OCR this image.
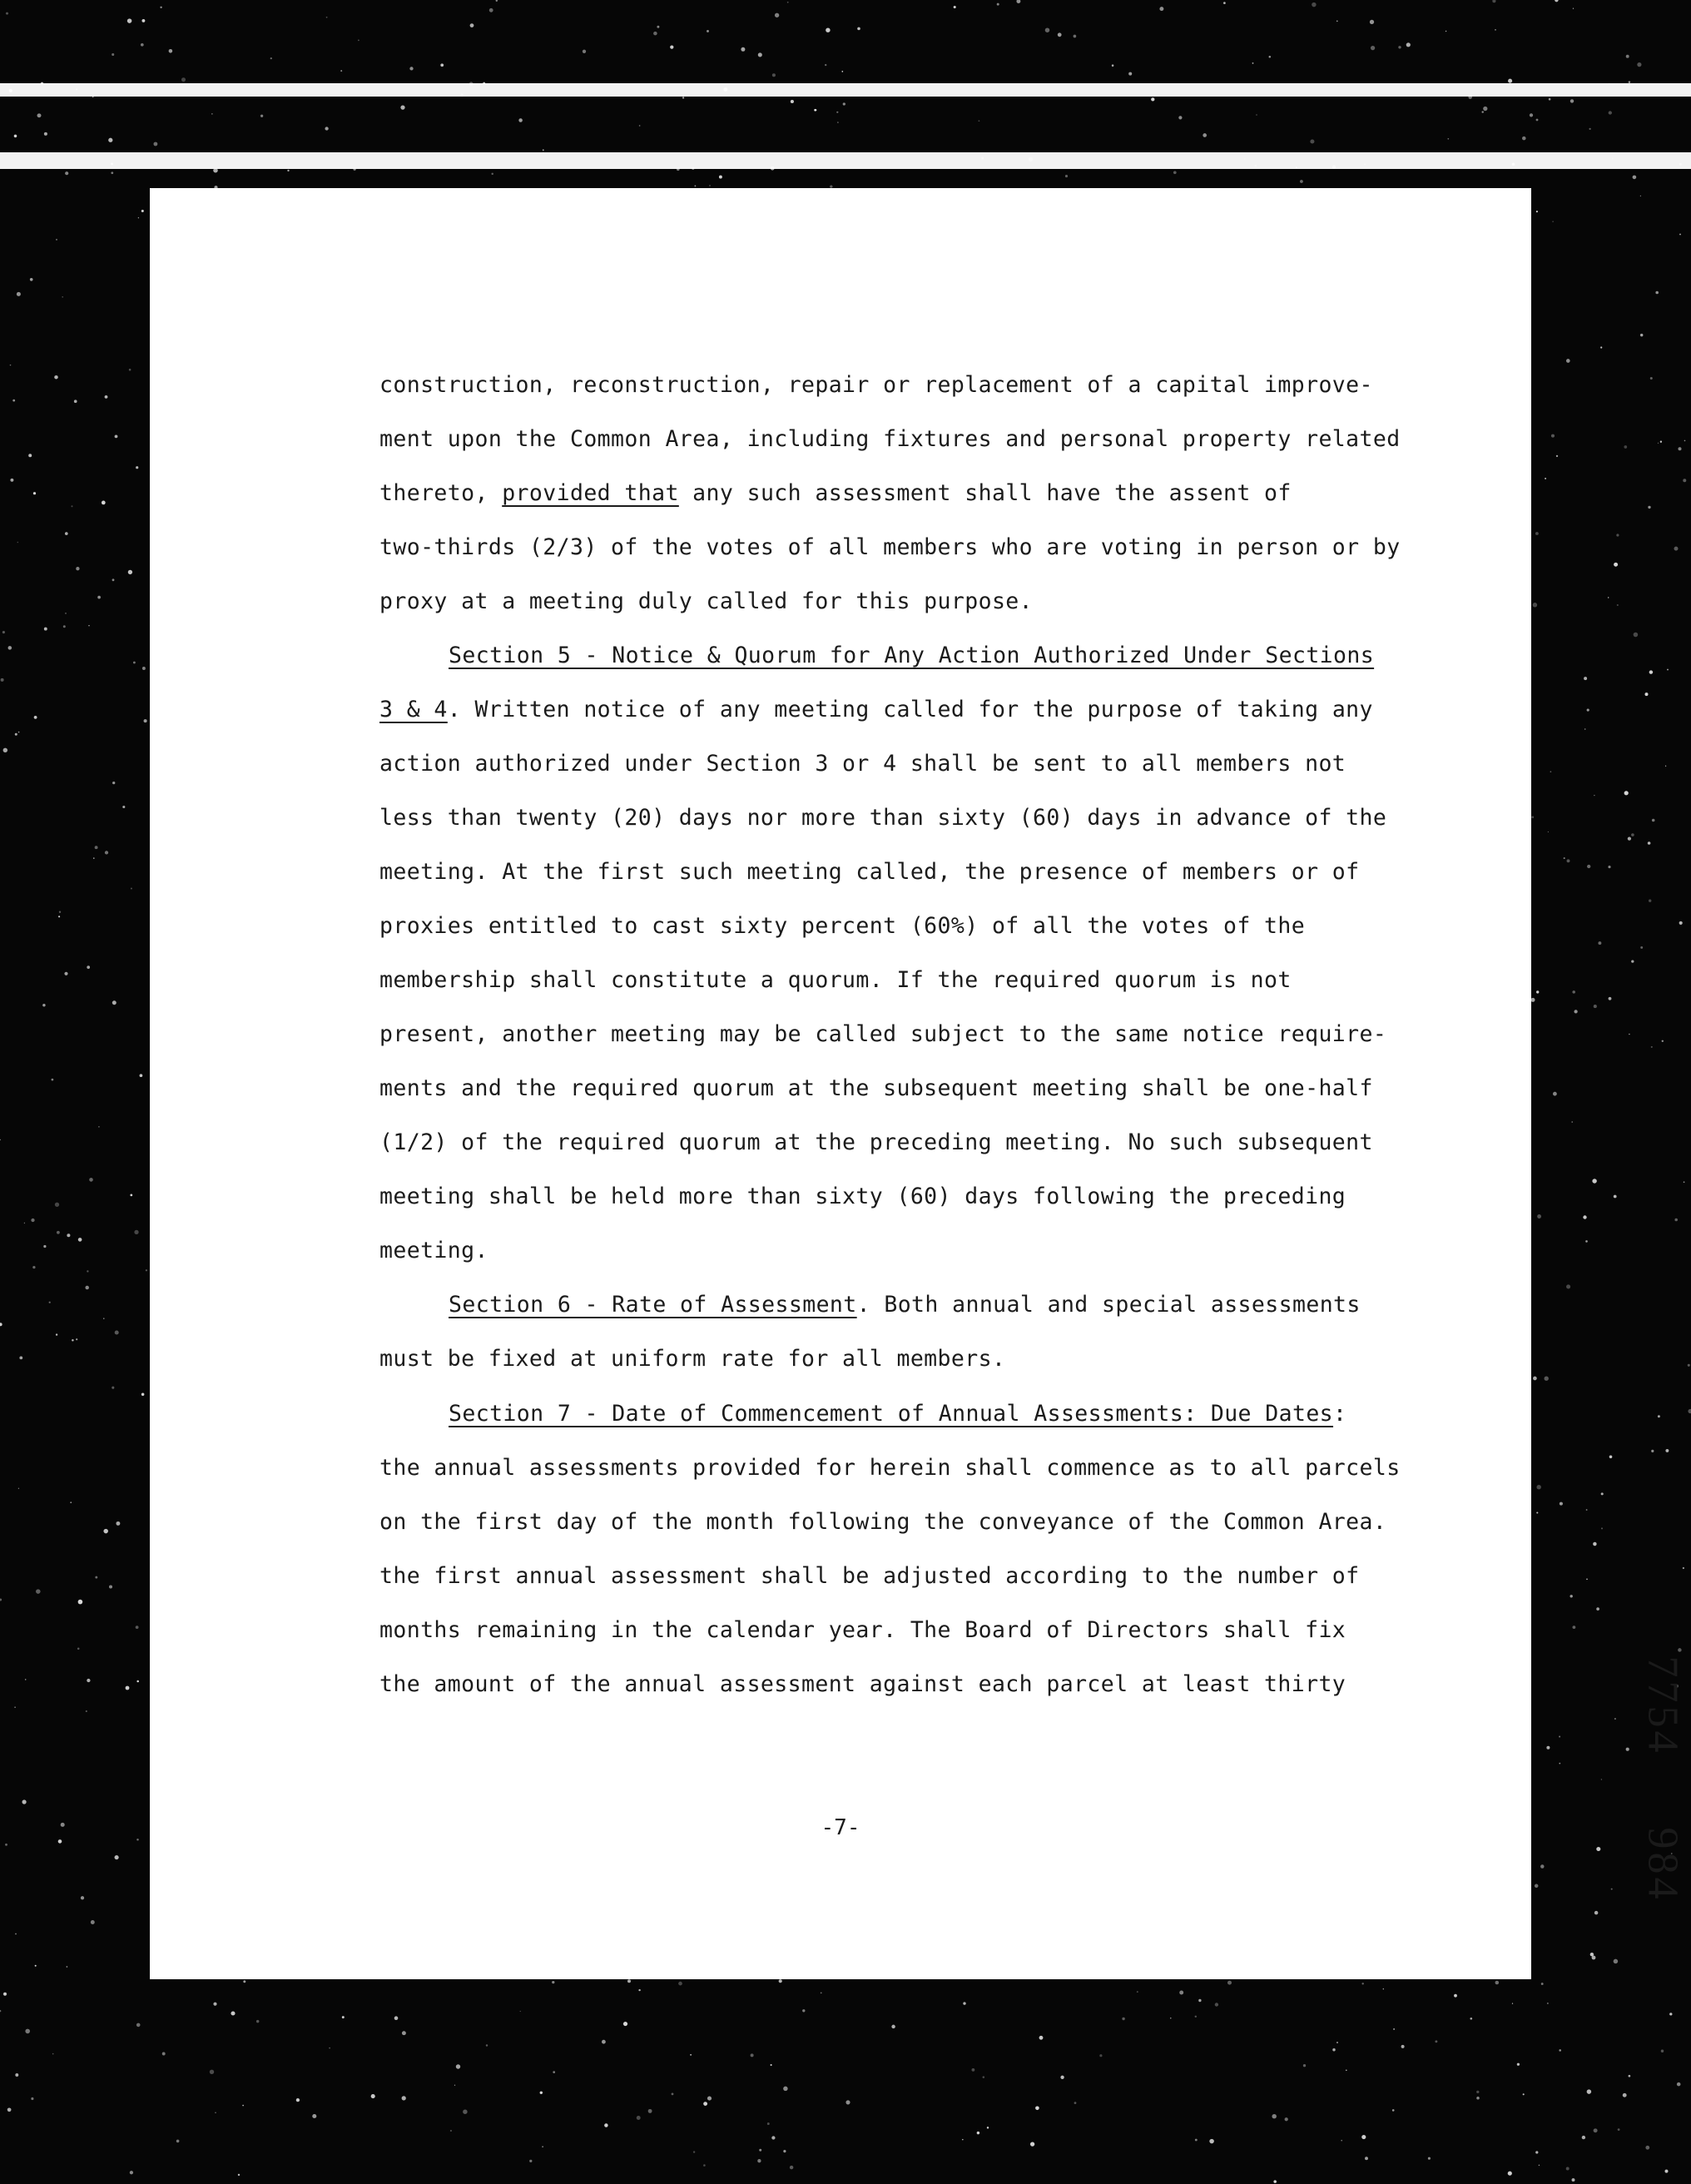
construction, reconstruction, repair or replacement of a capital improve-
ment upon the Common Area, including fixtures and personal property related
thereto, provided that any such assessment shall have the assent of
two-thirds (2/3) of the votes of all members who are voting in person or by
proxy at a meeting duly called for this purpose.
Section 5 - Notice & Quorum for Any Action Authorized Under Sections
3 & 4. Written notice of any meeting called for the purpose of taking any
action authorized under Section 3 or 4 shall be sent to all members not
less than twenty (20) days nor more than sixty (60) days in advance of the
meeting. At the first such meeting called, the presence of members or of
proxies entitled to cast sixty percent (60%) of all the votes of the
membership shall constitute a quorum. If the required quorum is not
present, another meeting may be called subject to the same notice require-
ments and the required quorum at the subsequent meeting shall be one-half
(1/2) of the required quorum at the preceding meeting. No such subsequent
meeting shall be held more than sixty (60) days following the preceding
meeting.
Section 6 - Rate of Assessment. Both annual and special assessments
must be fixed at uniform rate for all members.
Section 7 - Date of Commencement of Annual Assessments: Due Dates:
the annual assessments provided for herein shall commence as to all parcels
on the first day of the month following the conveyance of the Common Area.
the first annual assessment shall be adjusted according to the number of
months remaining in the calendar year. The Board of Directors shall fix
the amount of the annual assessment against each parcel at least thirty
-7-
7754
984
